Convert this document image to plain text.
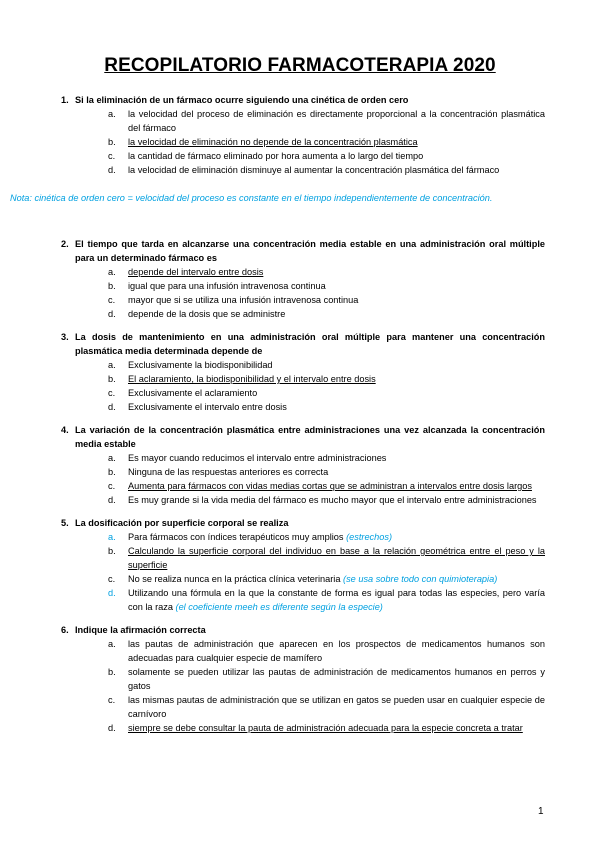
RECOPILATORIO FARMACOTERAPIA 2020
1. Si la eliminación de un fármaco ocurre siguiendo una cinética de orden cero
a.	la velocidad del proceso de eliminación es directamente proporcional a la concentración plasmática del fármaco
b.	la velocidad de eliminación no depende de la concentración plasmática
c.	la cantidad de fármaco eliminado por hora aumenta a lo largo del tiempo
d.	la velocidad de eliminación disminuye al aumentar la concentración plasmática del fármaco
Nota: cinética de orden cero = velocidad del proceso es constante en el tiempo independientemente de concentración.
2. El tiempo que tarda en alcanzarse una concentración media estable en una administración oral múltiple para un determinado fármaco es
a.	depende del intervalo entre dosis
b.	igual que para una infusión intravenosa continua
c.	mayor que si se utiliza una infusión intravenosa continua
d.	depende de la dosis que se administre
3. La dosis de mantenimiento en una administración oral múltiple para mantener una concentración plasmática media determinada depende de
a.	Exclusivamente la biodisponibilidad
b.	El aclaramiento, la biodisponibilidad y el intervalo entre dosis
c.	Exclusivamente el aclaramiento
d.	Exclusivamente el intervalo entre dosis
4. La variación de la concentración plasmática entre administraciones una vez alcanzada la concentración media estable
a.	Es mayor cuando reducimos el intervalo entre administraciones
b.	Ninguna de las respuestas anteriores es correcta
c.	Aumenta para fármacos con vidas medias cortas que se administran a intervalos entre dosis largos
d.	Es muy grande si la vida media del fármaco es mucho mayor que el intervalo entre administraciones
5. La dosificación por superficie corporal se realiza
a.	Para fármacos con índices terapéuticos muy amplios (estrechos)
b.	Calculando la superficie corporal del individuo en base a la relación geométrica entre el peso y la superficie
c.	No se realiza nunca en la práctica clínica veterinaria (se usa sobre todo con quimioterapia)
d.	Utilizando una fórmula en la que la constante de forma es igual para todas las especies, pero varía con la raza (el coeficiente meeh es diferente según la especie)
6. Indique la afirmación correcta
a.	las pautas de administración que aparecen en los prospectos de medicamentos humanos son adecuadas para cualquier especie de mamífero
b.	solamente se pueden utilizar las pautas de administración de medicamentos humanos en perros y gatos
c.	las mismas pautas de administración que se utilizan en gatos se pueden usar en cualquier especie de carnívoro
d.	siempre se debe consultar la pauta de administración adecuada para la especie concreta a tratar
1
